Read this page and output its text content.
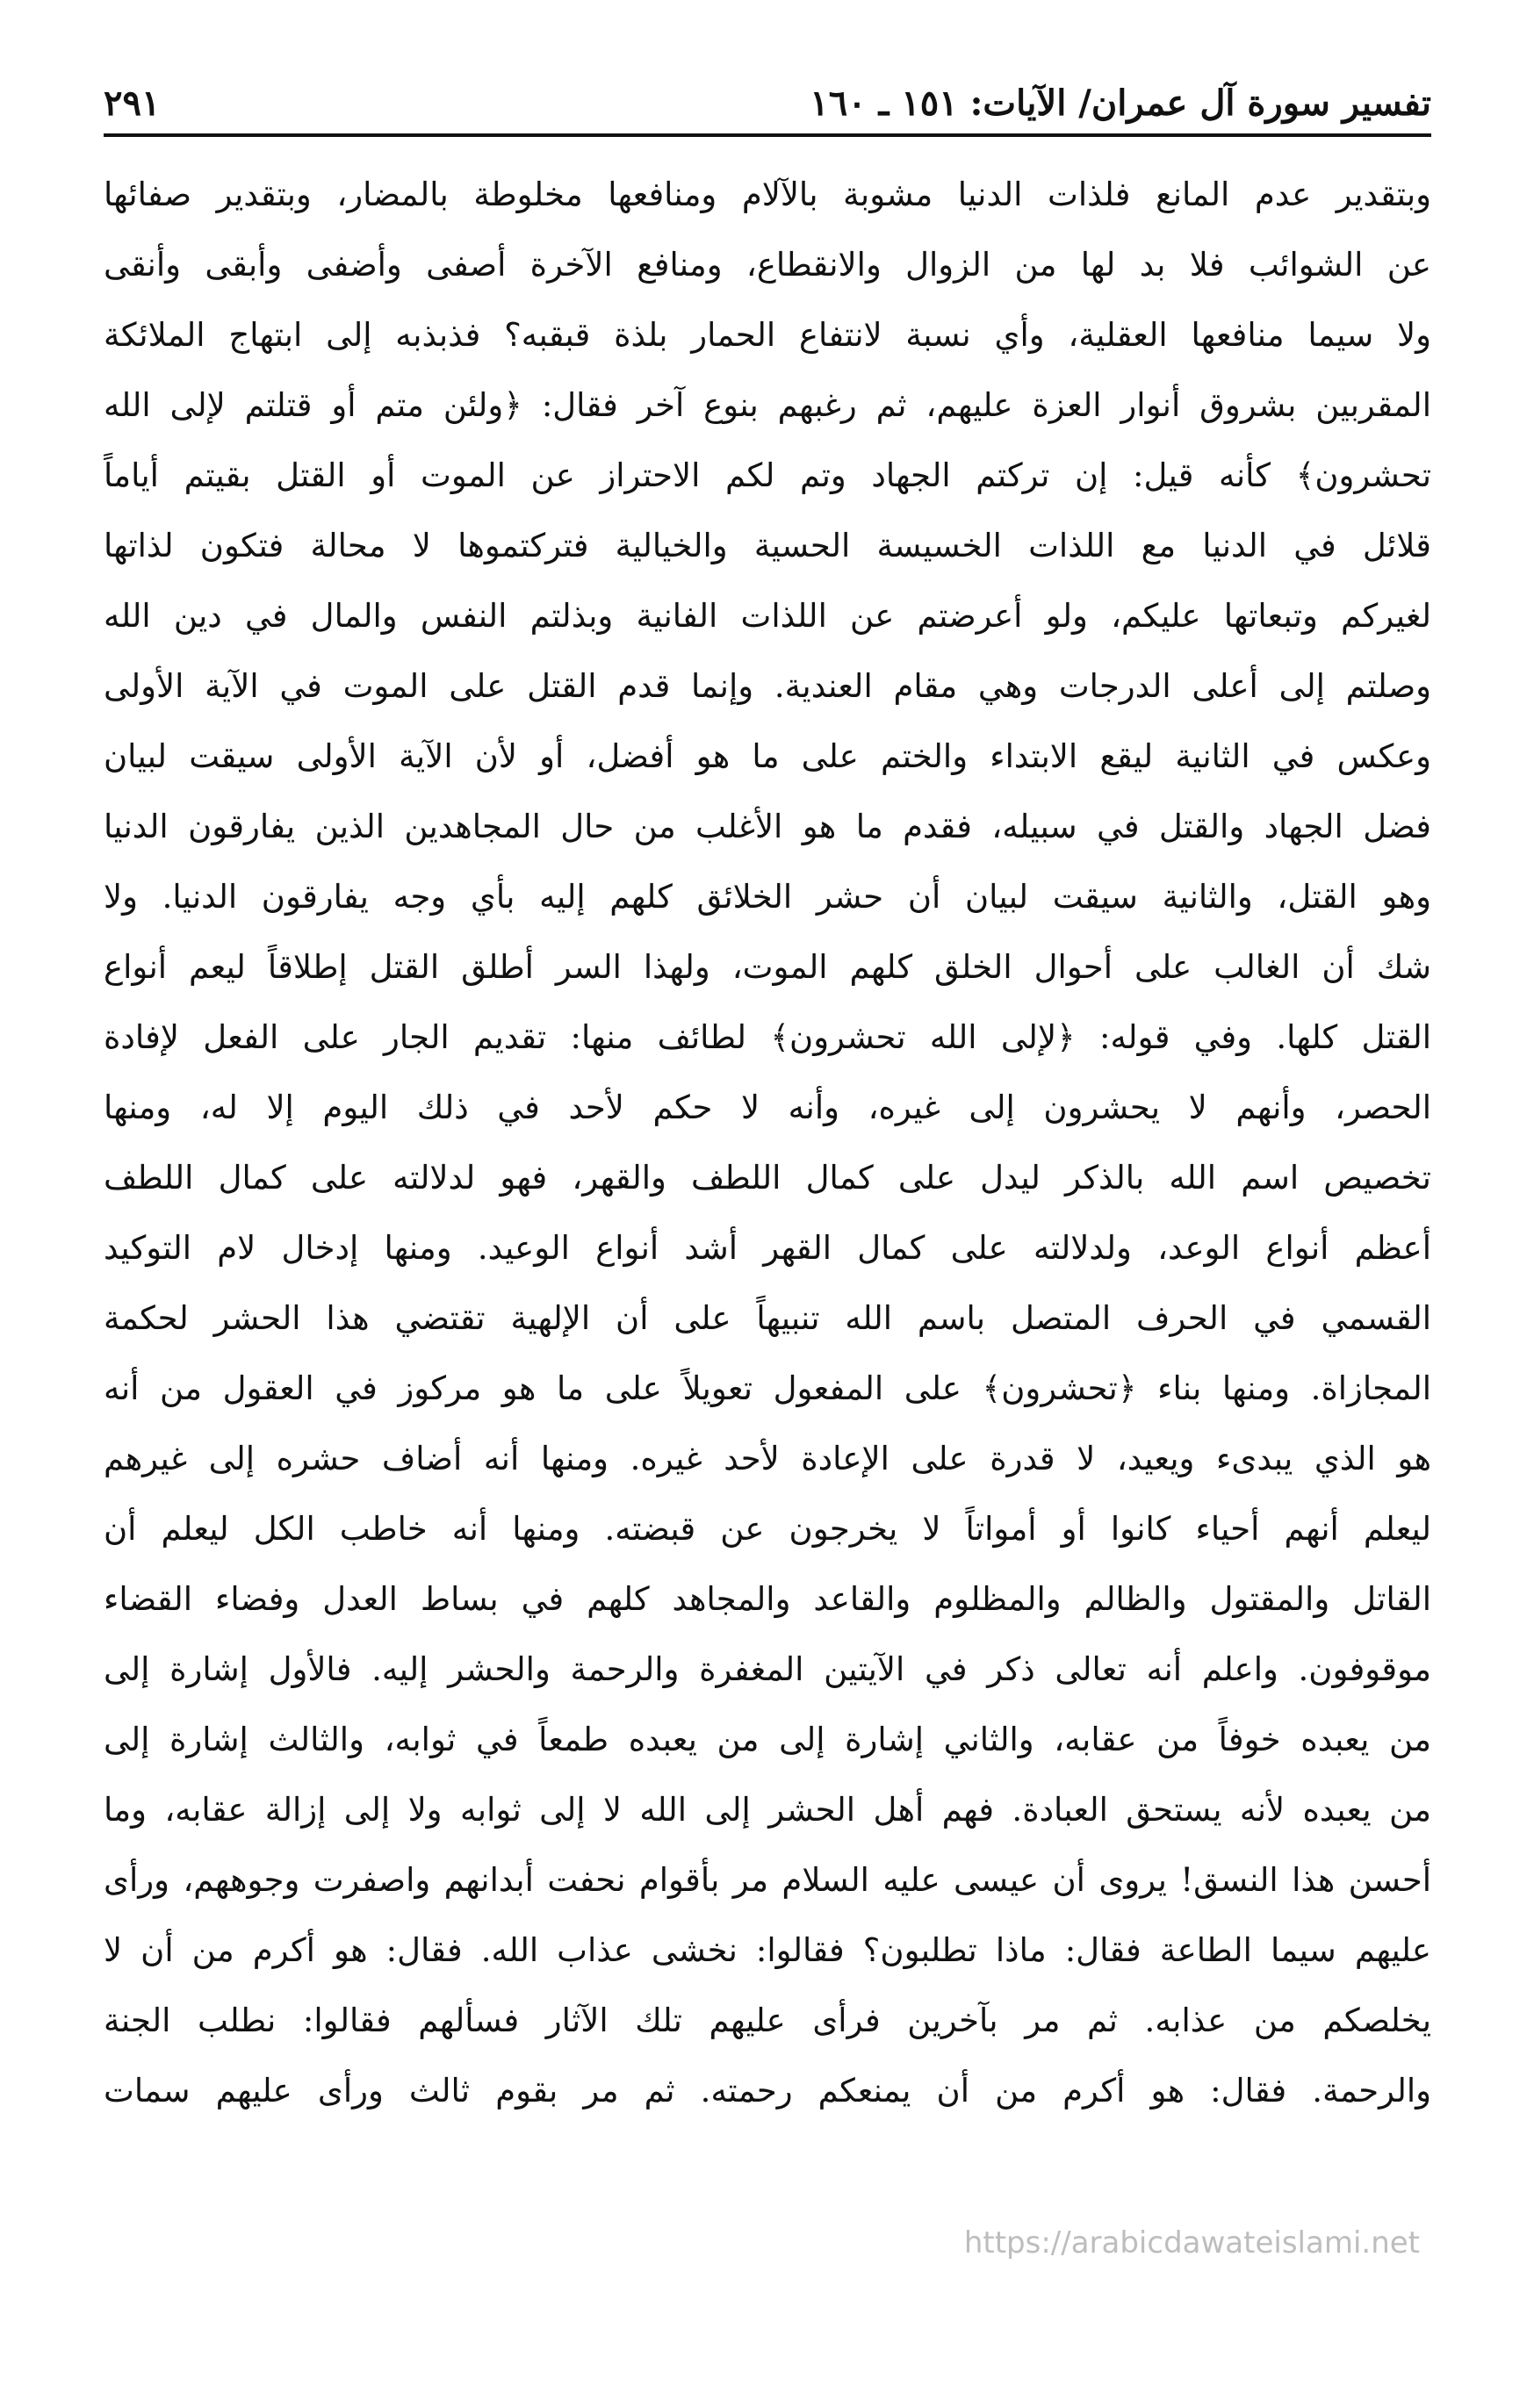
تفسير سورة آل عمران/ الآيات: ١٥١ ـ ١٦٠
٢٩١
وبتقدير عدم المانع فلذات الدنيا مشوبة بالآلام ومنافعها مخلوطة بالمضار، وبتقدير صفائها
عن الشوائب فلا بد لها من الزوال والانقطاع، ومنافع الآخرة أصفى وأضفى وأبقى وأنقى
ولا سيما منافعها العقلية، وأي نسبة لانتفاع الحمار بلذة قبقبه؟ فذبذبه إلى ابتهاج الملائكة
المقربين بشروق أنوار العزة عليهم، ثم رغبهم بنوع آخر فقال: ﴿ولئن متم أو قتلتم لإلى الله
تحشرون﴾ كأنه قيل: إن تركتم الجهاد وتم لكم الاحتراز عن الموت أو القتل بقيتم أياماً
قلائل في الدنيا مع اللذات الخسيسة الحسية والخيالية فتركتموها لا محالة فتكون لذاتها
لغيركم وتبعاتها عليكم، ولو أعرضتم عن اللذات الفانية وبذلتم النفس والمال في دين الله
وصلتم إلى أعلى الدرجات وهي مقام العندية. وإنما قدم القتل على الموت في الآية الأولى
وعكس في الثانية ليقع الابتداء والختم على ما هو أفضل، أو لأن الآية الأولى سيقت لبيان
فضل الجهاد والقتل في سبيله، فقدم ما هو الأغلب من حال المجاهدين الذين يفارقون الدنيا
وهو القتل، والثانية سيقت لبيان أن حشر الخلائق كلهم إليه بأي وجه يفارقون الدنيا. ولا
شك أن الغالب على أحوال الخلق كلهم الموت، ولهذا السر أطلق القتل إطلاقاً ليعم أنواع
القتل كلها. وفي قوله: ﴿لإلى الله تحشرون﴾ لطائف منها: تقديم الجار على الفعل لإفادة
الحصر، وأنهم لا يحشرون إلى غيره، وأنه لا حكم لأحد في ذلك اليوم إلا له، ومنها
تخصيص اسم الله بالذكر ليدل على كمال اللطف والقهر، فهو لدلالته على كمال اللطف
أعظم أنواع الوعد، ولدلالته على كمال القهر أشد أنواع الوعيد. ومنها إدخال لام التوكيد
القسمي في الحرف المتصل باسم الله تنبيهاً على أن الإلهية تقتضي هذا الحشر لحكمة
المجازاة. ومنها بناء ﴿تحشرون﴾ على المفعول تعويلاً على ما هو مركوز في العقول من أنه
هو الذي يبدىء ويعيد، لا قدرة على الإعادة لأحد غيره. ومنها أنه أضاف حشره إلى غيرهم
ليعلم أنهم أحياء كانوا أو أمواتاً لا يخرجون عن قبضته. ومنها أنه خاطب الكل ليعلم أن
القاتل والمقتول والظالم والمظلوم والقاعد والمجاهد كلهم في بساط العدل وفضاء القضاء
موقوفون. واعلم أنه تعالى ذكر في الآيتين المغفرة والرحمة والحشر إليه. فالأول إشارة إلى
من يعبده خوفاً من عقابه، والثاني إشارة إلى من يعبده طمعاً في ثوابه، والثالث إشارة إلى
من يعبده لأنه يستحق العبادة. فهم أهل الحشر إلى الله لا إلى ثوابه ولا إلى إزالة عقابه، وما
أحسن هذا النسق! يروى أن عيسى عليه السلام مر بأقوام نحفت أبدانهم واصفرت وجوههم، ورأى
عليهم سيما الطاعة فقال: ماذا تطلبون؟ فقالوا: نخشى عذاب الله. فقال: هو أكرم من أن لا
يخلصكم من عذابه. ثم مر بآخرين فرأى عليهم تلك الآثار فسألهم فقالوا: نطلب الجنة
والرحمة. فقال: هو أكرم من أن يمنعكم رحمته. ثم مر بقوم ثالث ورأى عليهم سمات
https://arabicdawateislami.net
